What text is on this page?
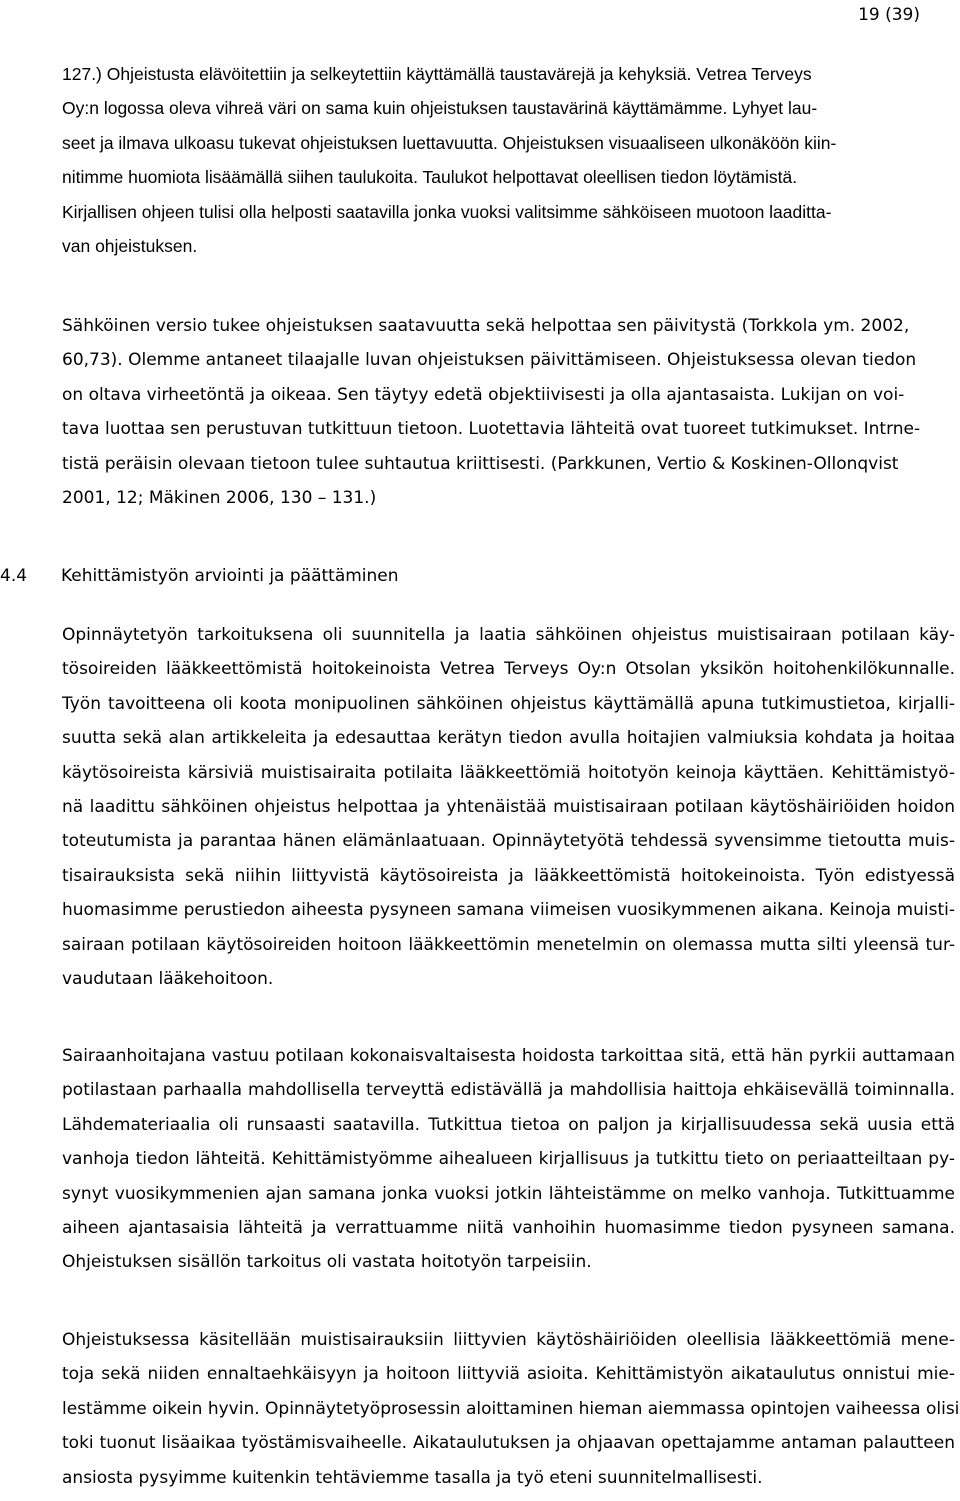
19 (39)
127.) Ohjeistusta elävöitettiin ja selkeytettiin käyttämällä taustavärejä ja kehyksiä. Vetrea Terveys
Oy:n logossa oleva vihreä väri on sama kuin ohjeistuksen taustavärinä käyttämämme. Lyhyet lau-
seet ja ilmava ulkoasu tukevat ohjeistuksen luettavuutta. Ohjeistuksen visuaaliseen ulkonäköön kiin-
nitimme huomiota lisäämällä siihen taulukoita. Taulukot helpottavat oleellisen tiedon löytämistä.
Kirjallisen ohjeen tulisi olla helposti saatavilla jonka vuoksi valitsimme sähköiseen muotoon laaditta-
van ohjeistuksen.
Sähköinen versio tukee ohjeistuksen saatavuutta sekä helpottaa sen päivitystä (Torkkola ym. 2002,
60,73). Olemme antaneet tilaajalle luvan ohjeistuksen päivittämiseen. Ohjeistuksessa olevan tiedon
on oltava virheetöntä ja oikeaa. Sen täytyy edetä objektiivisesti ja olla ajantasaista. Lukijan on voi-
tava luottaa sen perustuvan tutkittuun tietoon. Luotettavia lähteitä ovat tuoreet tutkimukset. Intrne-
tistä peräisin olevaan tietoon tulee suhtautua kriittisesti. (Parkkunen, Vertio & Koskinen-Ollonqvist
2001, 12; Mäkinen 2006, 130 – 131.)
4.4 Kehittämistyön arviointi ja päättäminen
Opinnäytetyön tarkoituksena oli suunnitella ja laatia sähköinen ohjeistus muistisairaan potilaan käy-
tösoireiden lääkkeettömistä hoitokeinoista Vetrea Terveys Oy:n Otsolan yksikön hoitohenkilökunnalle.
Työn tavoitteena oli koota monipuolinen sähköinen ohjeistus käyttämällä apuna tutkimustietoa, kirjalli-
suutta sekä alan artikkeleita ja edesauttaa kerätyn tiedon avulla hoitajien valmiuksia kohdata ja hoitaa
käytösoireista kärsiviä muistisairaita potilaita lääkkeettömiä hoitotyön keinoja käyttäen. Kehittämistyö-
nä laadittu sähköinen ohjeistus helpottaa ja yhtenäistää muistisairaan potilaan käytöshäiriöiden hoidon
toteutumista ja parantaa hänen elämänlaatuaan. Opinnäytetyötä tehdessä syvensimme tietoutta muis-
tisairauksista sekä niihin liittyvistä käytösoireista ja lääkkeettömistä hoitokeinoista. Työn edistyessä
huomasimme perustiedon aiheesta pysyneen samana viimeisen vuosikymmenen aikana. Keinoja muisti-
sairaan potilaan käytösoireiden hoitoon lääkkeettömin menetelmin on olemassa mutta silti yleensä tur-
vaudutaan lääkehoitoon.
Sairaanhoitajana vastuu potilaan kokonaisvaltaisesta hoidosta tarkoittaa sitä, että hän pyrkii auttamaan
potilastaan parhaalla mahdollisella terveyttä edistävällä ja mahdollisia haittoja ehkäisevällä toiminnalla.
Lähdemateriaalia oli runsaasti saatavilla. Tutkittua tietoa on paljon ja kirjallisuudessa sekä uusia että
vanhoja tiedon lähteitä. Kehittämistyömme aihealueen kirjallisuus ja tutkittu tieto on periaatteiltaan py-
synyt vuosikymmenien ajan samana jonka vuoksi jotkin lähteistämme on melko vanhoja. Tutkittuamme
aiheen ajantasaisia lähteitä ja verrattuamme niitä vanhoihin huomasimme tiedon pysyneen samana.
Ohjeistuksen sisällön tarkoitus oli vastata hoitotyön tarpeisiin.
Ohjeistuksessa käsitellään muistisairauksiin liittyvien käytöshäiriöiden oleellisia lääkkeettömiä mene-
toja sekä niiden ennaltaehkäisyyn ja hoitoon liittyviä asioita. Kehittämistyön aikataulutus onnistui mie-
lestämme oikein hyvin. Opinnäytetyöprosessin aloittaminen hieman aiemmassa opintojen vaiheessa olisi
toki tuonut lisäaikaa työstämisvaiheelle. Aikataulutuksen ja ohjaavan opettajamme antaman palautteen
ansiosta pysyimme kuitenkin tehtäviemme tasalla ja työ eteni suunnitelmallisesti.
